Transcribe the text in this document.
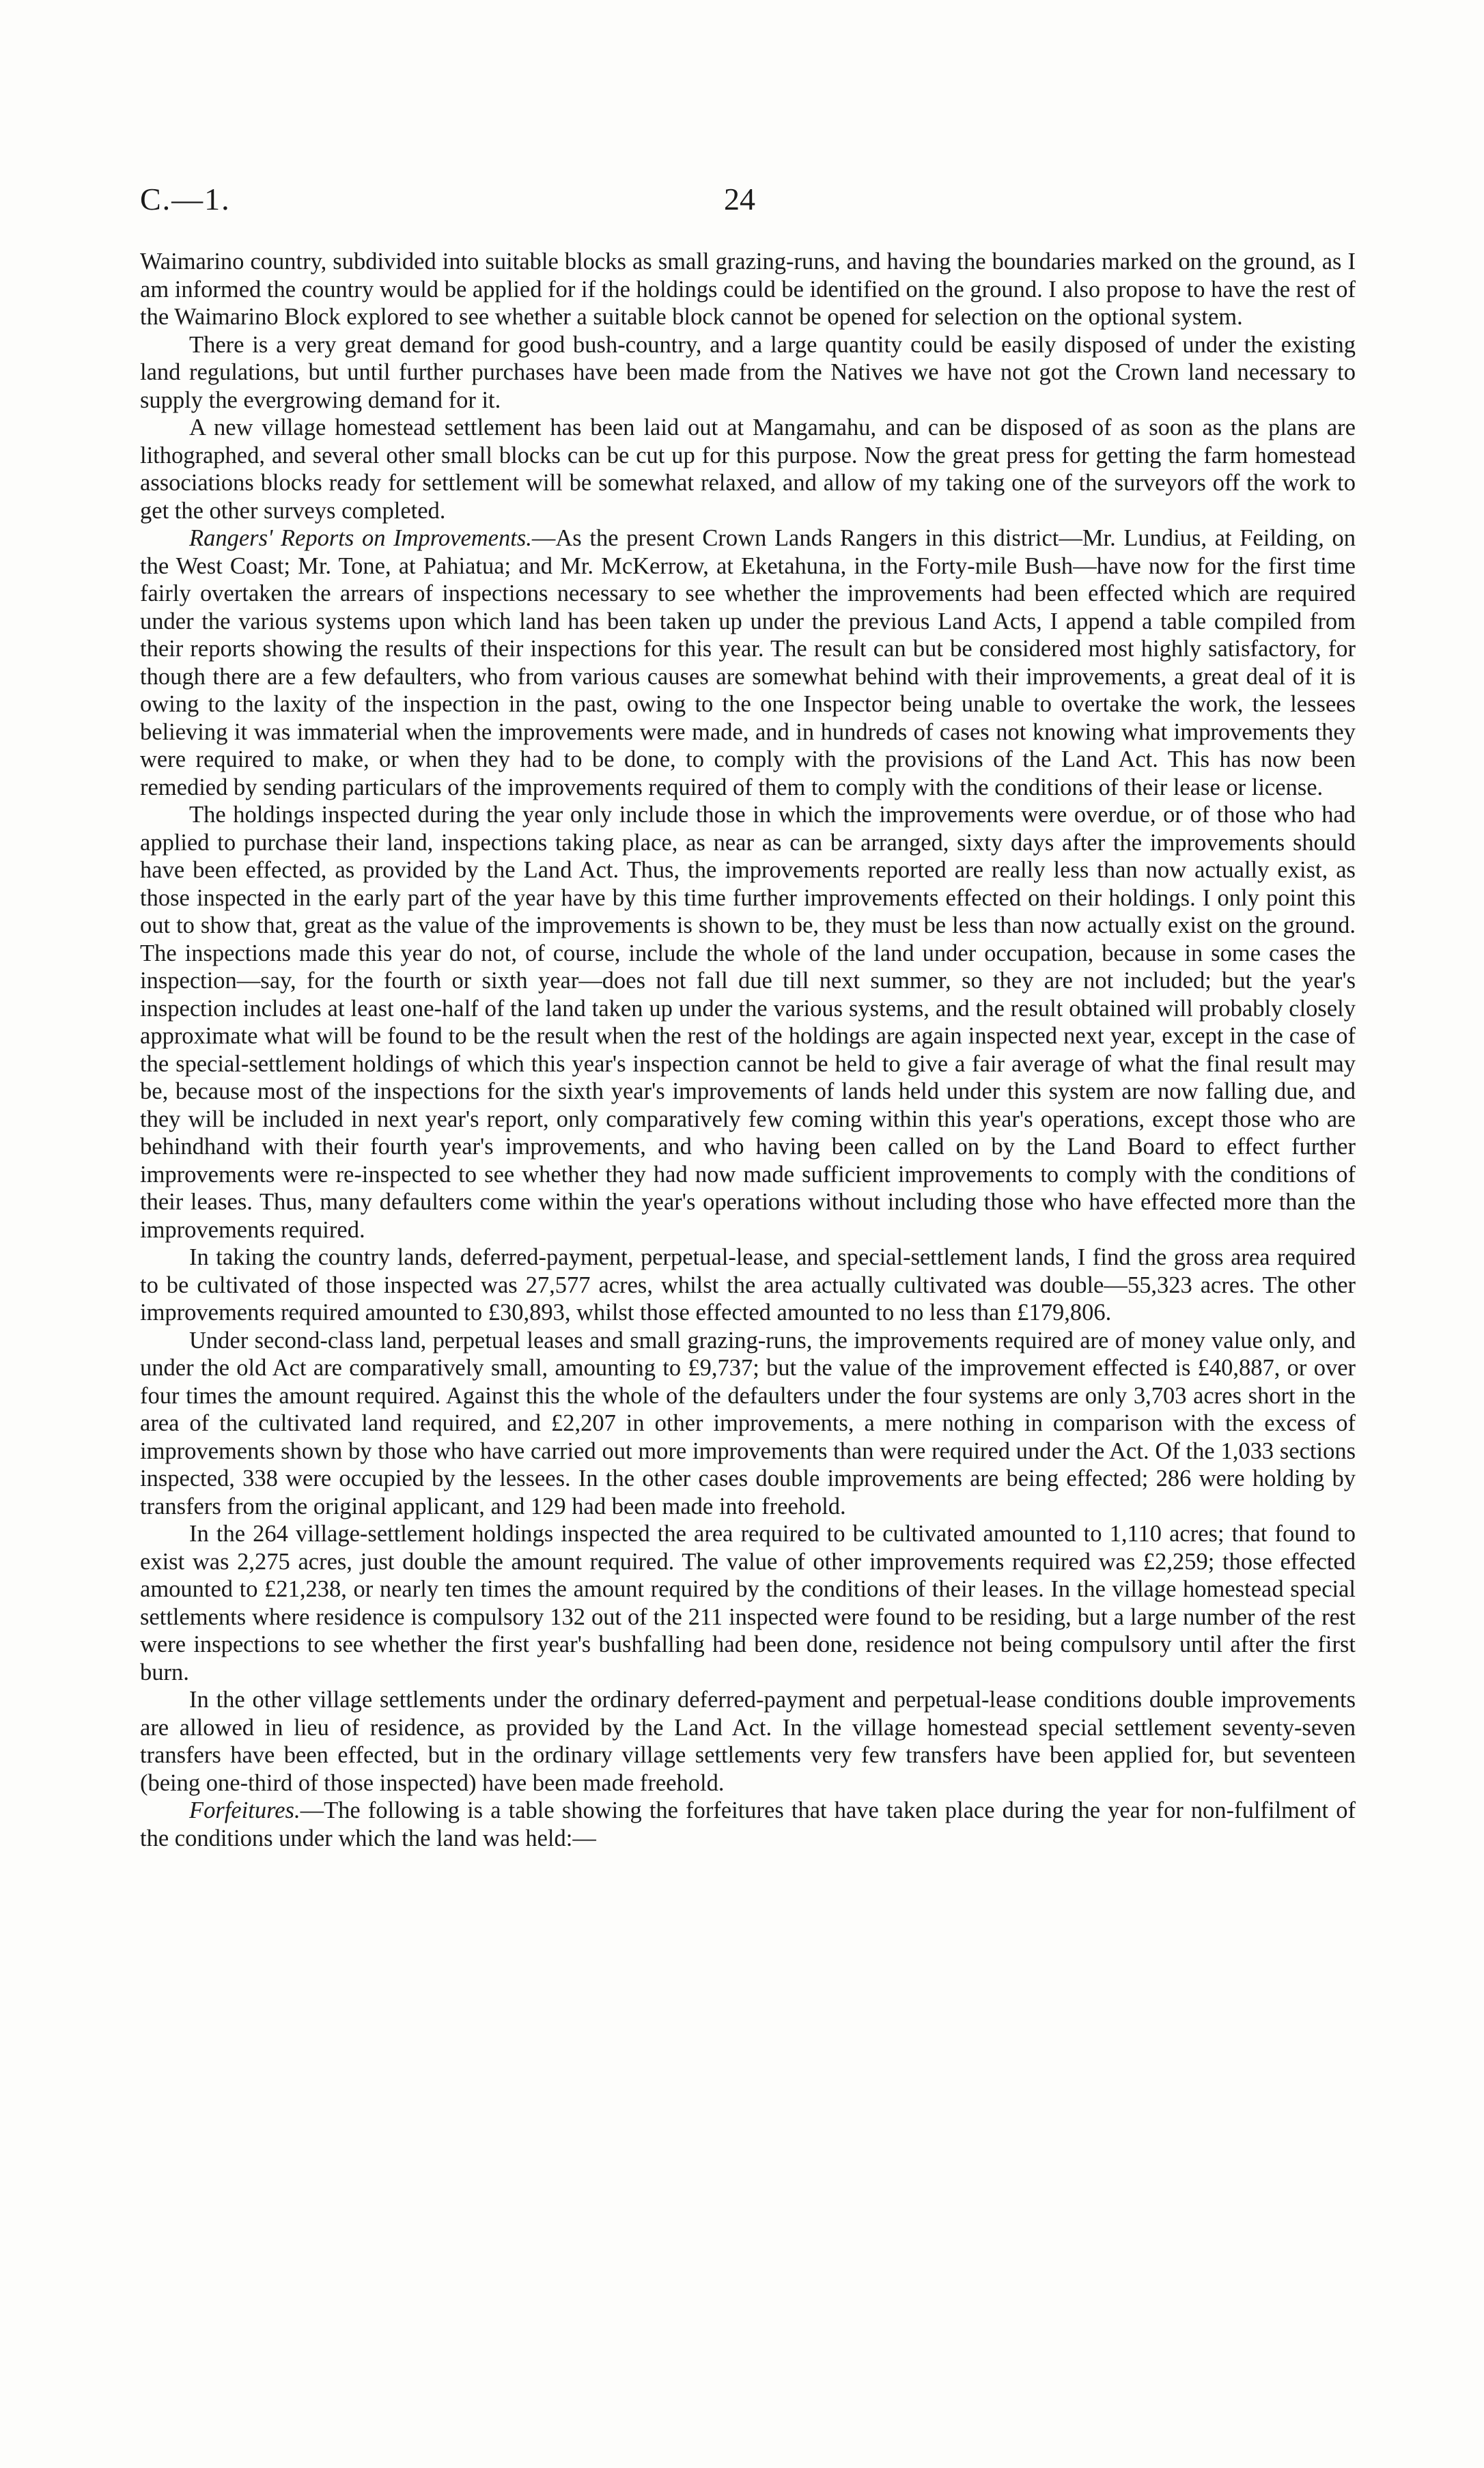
C.—1.	24

Waimarino country, subdivided into suitable blocks as small grazing-runs, and having the boundaries marked on the ground, as I am informed the country would be applied for if the holdings could be identified on the ground. I also propose to have the rest of the Waimarino Block explored to see whether a suitable block cannot be opened for selection on the optional system.

There is a very great demand for good bush-country, and a large quantity could be easily disposed of under the existing land regulations, but until further purchases have been made from the Natives we have not got the Crown land necessary to supply the evergrowing demand for it.

A new village homestead settlement has been laid out at Mangamahu, and can be disposed of as soon as the plans are lithographed, and several other small blocks can be cut up for this purpose. Now the great press for getting the farm homestead associations blocks ready for settlement will be somewhat relaxed, and allow of my taking one of the surveyors off the work to get the other surveys completed.

Rangers' Reports on Improvements.—As the present Crown Lands Rangers in this district—Mr. Lundius, at Feilding, on the West Coast; Mr. Tone, at Pahiatua; and Mr. McKerrow, at Eketahuna, in the Forty-mile Bush—have now for the first time fairly overtaken the arrears of inspections necessary to see whether the improvements had been effected which are required under the various systems upon which land has been taken up under the previous Land Acts, I append a table compiled from their reports showing the results of their inspections for this year. The result can but be considered most highly satisfactory, for though there are a few defaulters, who from various causes are somewhat behind with their improvements, a great deal of it is owing to the laxity of the inspection in the past, owing to the one Inspector being unable to overtake the work, the lessees believing it was immaterial when the improvements were made, and in hundreds of cases not knowing what improvements they were required to make, or when they had to be done, to comply with the provisions of the Land Act. This has now been remedied by sending particulars of the improvements required of them to comply with the conditions of their lease or license.

The holdings inspected during the year only include those in which the improvements were overdue, or of those who had applied to purchase their land, inspections taking place, as near as can be arranged, sixty days after the improvements should have been effected, as provided by the Land Act. Thus, the improvements reported are really less than now actually exist, as those inspected in the early part of the year have by this time further improvements effected on their holdings. I only point this out to show that, great as the value of the improvements is shown to be, they must be less than now actually exist on the ground. The inspections made this year do not, of course, include the whole of the land under occupation, because in some cases the inspection—say, for the fourth or sixth year—does not fall due till next summer, so they are not included; but the year's inspection includes at least one-half of the land taken up under the various systems, and the result obtained will probably closely approximate what will be found to be the result when the rest of the holdings are again inspected next year, except in the case of the special-settlement holdings of which this year's inspection cannot be held to give a fair average of what the final result may be, because most of the inspections for the sixth year's improvements of lands held under this system are now falling due, and they will be included in next year's report, only comparatively few coming within this year's operations, except those who are behindhand with their fourth year's improvements, and who having been called on by the Land Board to effect further improvements were re-inspected to see whether they had now made sufficient improvements to comply with the conditions of their leases. Thus, many defaulters come within the year's operations without including those who have effected more than the improvements required.

In taking the country lands, deferred-payment, perpetual-lease, and special-settlement lands, I find the gross area required to be cultivated of those inspected was 27,577 acres, whilst the area actually cultivated was double—55,323 acres. The other improvements required amounted to £30,893, whilst those effected amounted to no less than £179,806.

Under second-class land, perpetual leases and small grazing-runs, the improvements required are of money value only, and under the old Act are comparatively small, amounting to £9,737; but the value of the improvement effected is £40,887, or over four times the amount required. Against this the whole of the defaulters under the four systems are only 3,703 acres short in the area of the cultivated land required, and £2,207 in other improvements, a mere nothing in comparison with the excess of improvements shown by those who have carried out more improvements than were required under the Act. Of the 1,033 sections inspected, 338 were occupied by the lessees. In the other cases double improvements are being effected; 286 were holding by transfers from the original applicant, and 129 had been made into freehold.

In the 264 village-settlement holdings inspected the area required to be cultivated amounted to 1,110 acres; that found to exist was 2,275 acres, just double the amount required. The value of other improvements required was £2,259; those effected amounted to £21,238, or nearly ten times the amount required by the conditions of their leases. In the village homestead special settlements where residence is compulsory 132 out of the 211 inspected were found to be residing, but a large number of the rest were inspections to see whether the first year's bushfalling had been done, residence not being compulsory until after the first burn.

In the other village settlements under the ordinary deferred-payment and perpetual-lease conditions double improvements are allowed in lieu of residence, as provided by the Land Act. In the village homestead special settlement seventy-seven transfers have been effected, but in the ordinary village settlements very few transfers have been applied for, but seventeen (being one-third of those inspected) have been made freehold.

Forfeitures.—The following is a table showing the forfeitures that have taken place during the year for non-fulfilment of the conditions under which the land was held:—
